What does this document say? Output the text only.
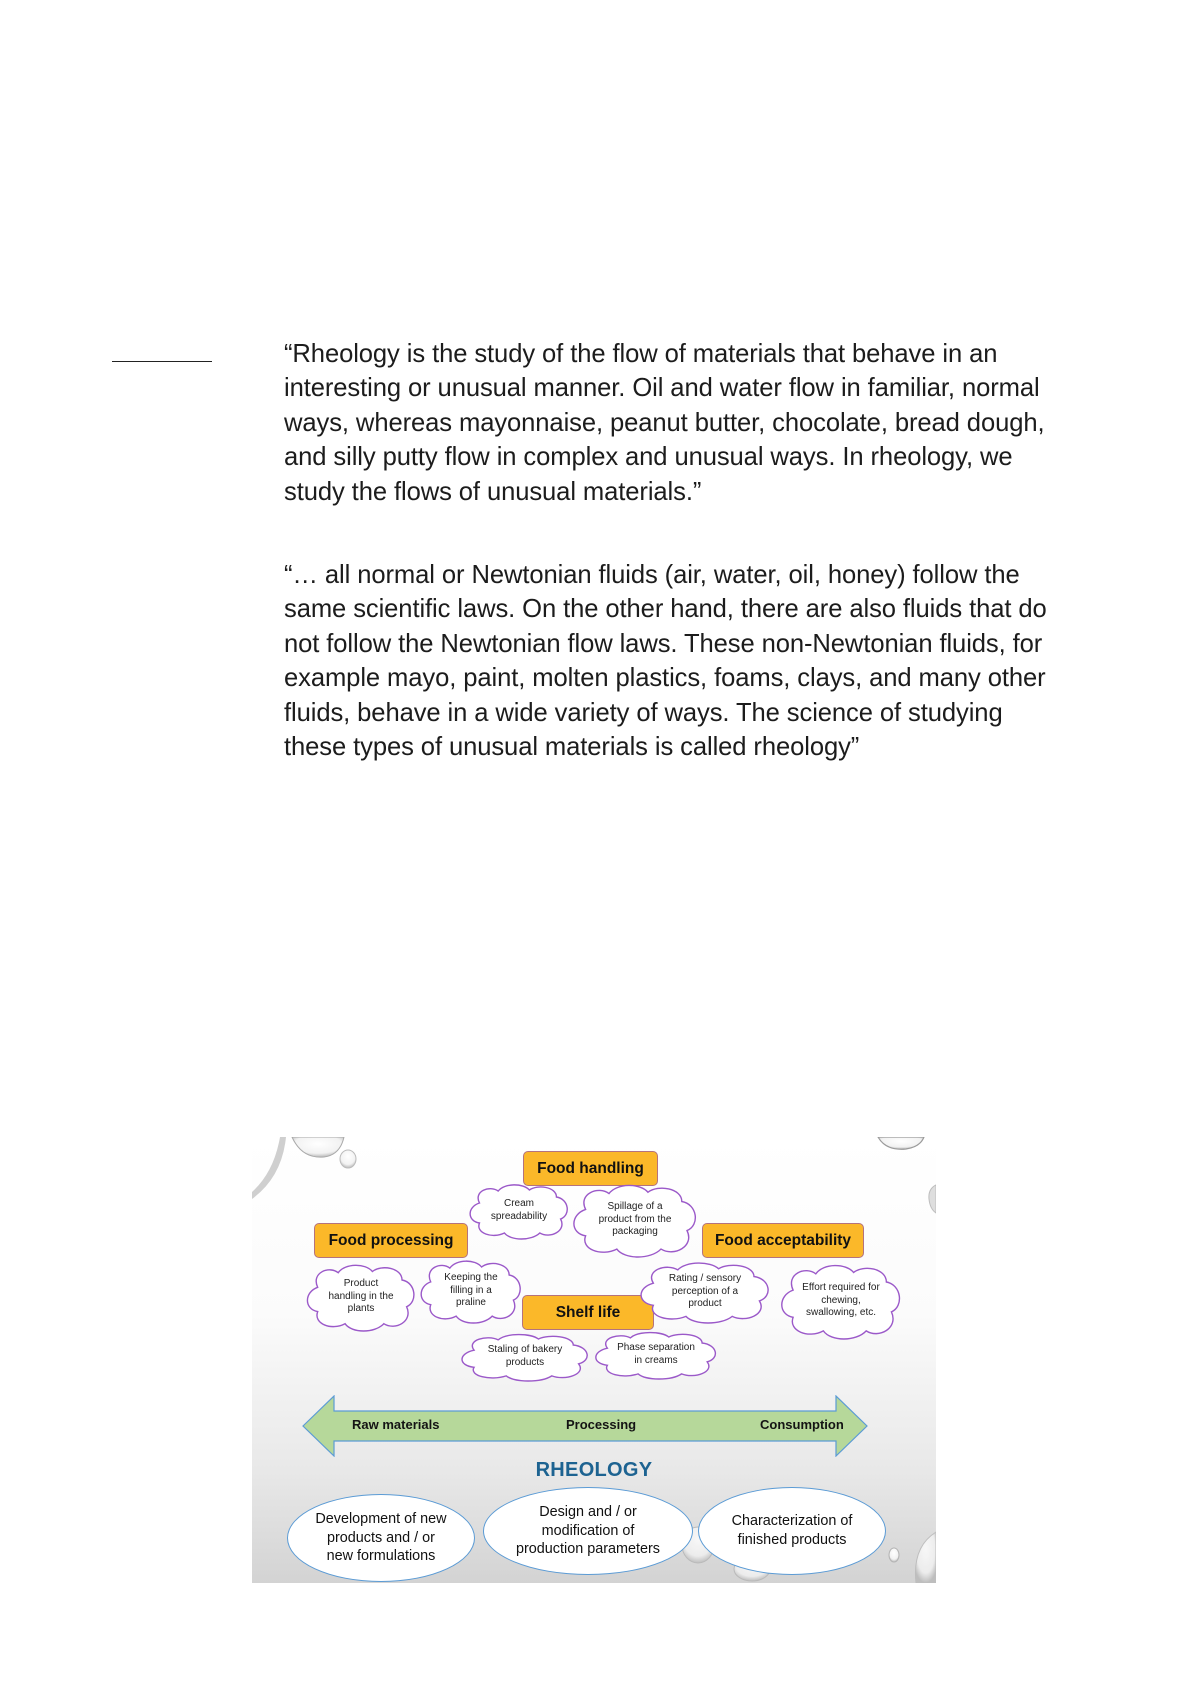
“Rheology is the study of the flow of materials that behave in an
interesting or unusual manner. Oil and water flow in familiar, normal
ways, whereas mayonnaise, peanut butter, chocolate, bread dough,
and silly putty flow in complex and unusual ways. In rheology, we
study the flows of unusual materials.”

“… all normal or Newtonian fluids (air, water, oil, honey) follow the
same scientific laws. On the other hand, there are also fluids that do
not follow the Newtonian flow laws. These non-Newtonian fluids, for
example mayo, paint, molten plastics, foams, clays, and many other
fluids, behave in a wide variety of ways. The science of studying
these types of unusual materials is called rheology”

Food handling
Food processing	Food acceptability
Shelf life
Cream
spreadability
Spillage of a
product from the
packaging
Product
handling in the
plants
Keeping the
filling in a
praline
Rating / sensory
perception of a
product
Effort required for
chewing,
swallowing, etc.
Staling of bakery
products
Phase separation
in creams
Raw materials	Processing	Consumption
RHEOLOGY
Development of new
products and / or
new formulations
Design and / or
modification of
production parameters
Characterization of
finished products
